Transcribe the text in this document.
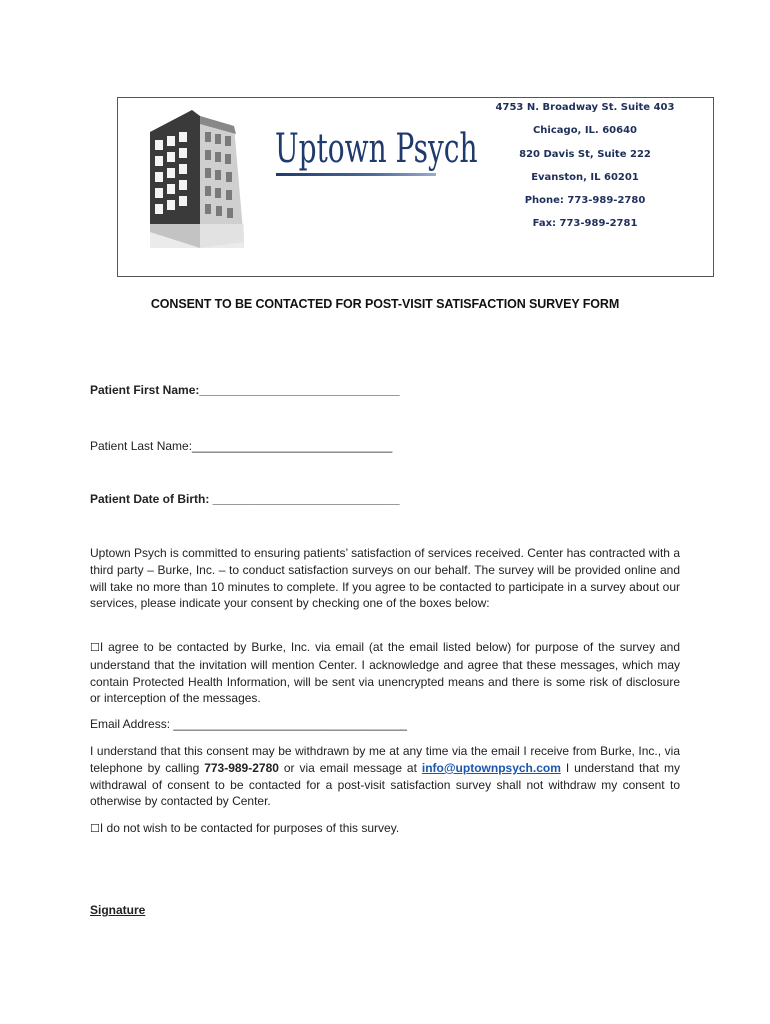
Uptown Psych
4753 N. Broadway St. Suite 403
Chicago, IL. 60640
820 Davis St, Suite 222
Evanston, IL 60201
Phone: 773-989-2780
Fax: 773-989-2781
CONSENT TO BE CONTACTED FOR POST-VISIT SATISFACTION SURVEY FORM
Patient First Name:______________________________
Patient Last Name:______________________________
Patient Date of Birth: ____________________________
Uptown Psych is committed to ensuring patients’ satisfaction of services received. Center has contracted with a third party – Burke, Inc. – to conduct satisfaction surveys on our behalf. The survey will be provided online and will take no more than 10 minutes to complete. If you agree to be contacted to participate in a survey about our services, please indicate your consent by checking one of the boxes below:
☐I agree to be contacted by Burke, Inc. via email (at the email listed below) for purpose of the survey and understand that the invitation will mention Center. I acknowledge and agree that these messages, which may contain Protected Health Information, will be sent via unencrypted means and there is some risk of disclosure or interception of the messages.
Email Address: ___________________________________
I understand that this consent may be withdrawn by me at any time via the email I receive from Burke, Inc., via telephone by calling 773-989-2780 or via email message at info@uptownpsych.com I understand that my withdrawal of consent to be contacted for a post-visit satisfaction survey shall not withdraw my consent to otherwise by contacted by Center.
☐I do not wish to be contacted for purposes of this survey.
Signature
